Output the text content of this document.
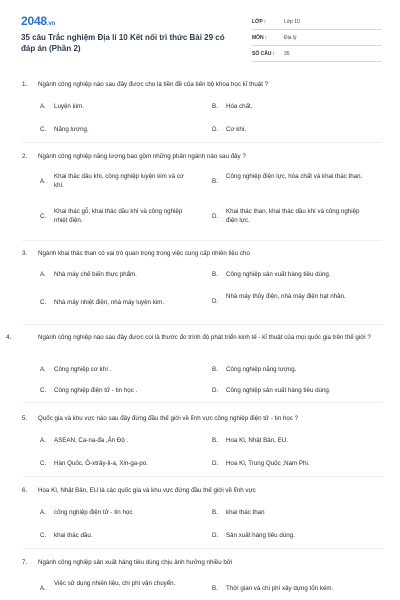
2048.vn
35 câu Trắc nghiệm Địa lí 10 Kết nối tri thức Bài 29 có đáp án (Phần 2)
LỚP :	Lớp 10
MÔN :	Địa lý
SỐ CÂU : 35
1. Ngành công nghiệp nào sau đây được cho là tiền đề của tiến bộ khoa học kĩ thuật ?
A. Luyện kim.	B. Hóa chất.
C. Năng lượng.	D. Cơ khí.
2. Ngành công nghiệp năng lượng bao gồm những phân ngành nào sau đây ?
A.
Khai thác dầu khí, công nghiệp luyện kim và cơ khí.
B.
Công nghiệp điện lực, hóa chất và khai thác than.
C.
Khai thác gỗ, khai thác dầu khí và công nghiệp nhiệt điện.
D.
Khai thác than, khai thác dầu khí và công nghiệp điện lực.
3. Ngành khai thác than có vai trò quan trọng trong việc cung cấp nhiên liệu cho
A. Nhà máy chế biến thực phẩm.	B. Công nghiệp sản xuất hàng tiêu dùng.
C. Nhà máy nhiệt điện, nhà máy luyện kim.	D.
Nhà máy thủy điện, nhà máy điện hạt nhân.
4.	Ngành công nghiệp nào sau đây được coi là thước đo trình độ phát triển kinh tế - kĩ thuật của mọi quốc gia trên thế giới ?
A. Công nghiệp cơ khí .	B. Công nghiệp năng lượng.
C. Công nghiệp điện tử - tin học .	D. Công nghiệp sản xuất hàng tiêu dùng.
5. Quốc gia và khu vực nào sau đây đứng đầu thế giới về lĩnh vực công nghiệp điện tử - tin học ?
A. ASEAN, Ca-na-đa ,Ấn Độ .	B. Hoa Kì, Nhật Bản, EU.
C. Hàn Quốc, Ô-xtrây-li-a, Xin-ga-po.	D. Hoa Kì, Trung Quốc ,Nam Phi.
6. Hoa Kì, Nhật Bản, EU là các quốc gia và khu vực đứng đầu thế giới về lĩnh vực
A. công nghiệp điện tử - tin học	B. khai thác than
C. khai thác dầu.	D. Sản xuất hàng tiêu dùng.
7. Ngành công nghiệp sản xuất hàng tiêu dùng chịu ảnh hưởng nhiều bởi
A.
Việc sử dụng nhiên liệu, chi phí vận chuyển.
B. Thời gian và chi phí xây dựng tốn kém.
